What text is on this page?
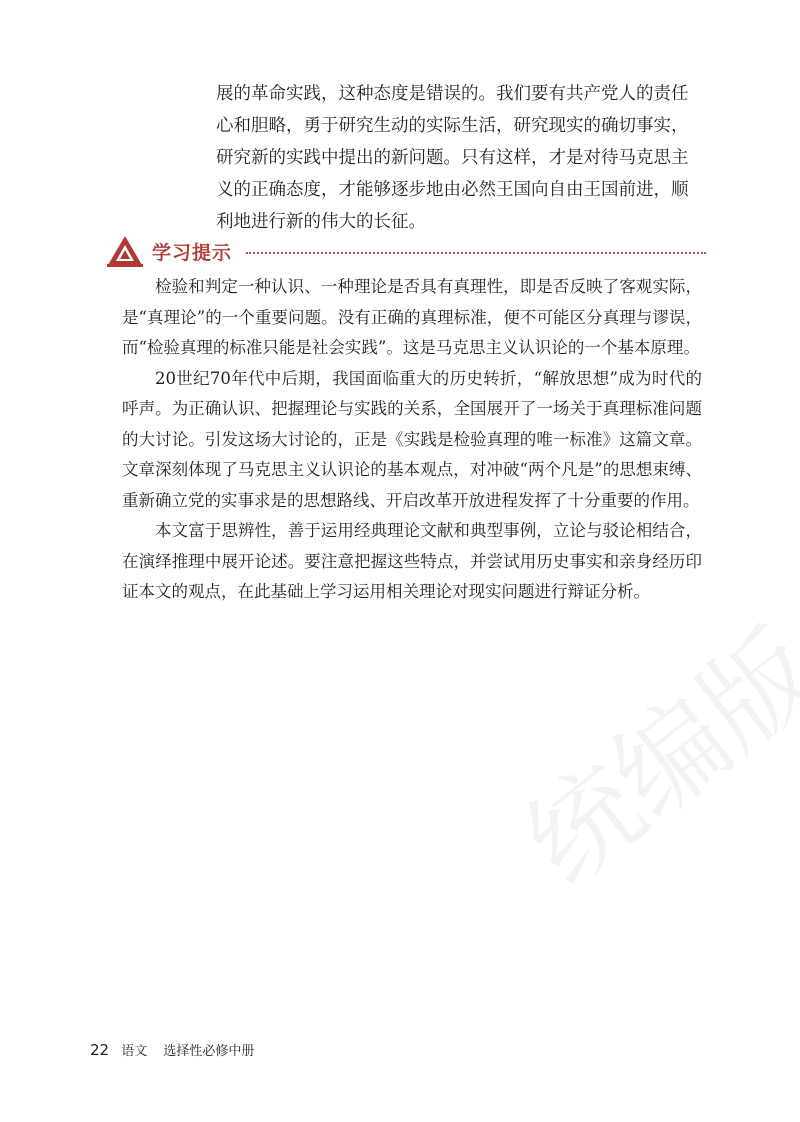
展的革命实践，这种态度是错误的。我们要有共产党人的责任心和胆略，勇于研究生动的实际生活，研究现实的确切事实，研究新的实践中提出的新问题。只有这样，才是对待马克思主义的正确态度，才能够逐步地由必然王国向自由王国前进，顺利地进行新的伟大的长征。

学习提示

检验和判定一种认识、一种理论是否具有真理性，即是否反映了客观实际，是“真理论”的一个重要问题。没有正确的真理标准，便不可能区分真理与谬误，而“检验真理的标准只能是社会实践”。这是马克思主义认识论的一个基本原理。

20世纪70年代中后期，我国面临重大的历史转折，“解放思想”成为时代的呼声。为正确认识、把握理论与实践的关系，全国展开了一场关于真理标准问题的大讨论。引发这场大讨论的，正是《实践是检验真理的唯一标准》这篇文章。文章深刻体现了马克思主义认识论的基本观点，对冲破“两个凡是”的思想束缚、重新确立党的实事求是的思想路线、开启改革开放进程发挥了十分重要的作用。

本文富于思辨性，善于运用经典理论文献和典型事例，立论与驳论相结合，在演绎推理中展开论述。要注意把握这些特点，并尝试用历史事实和亲身经历印证本文的观点，在此基础上学习运用相关理论对现实问题进行辩证分析。

22 语文 选择性必修中册
